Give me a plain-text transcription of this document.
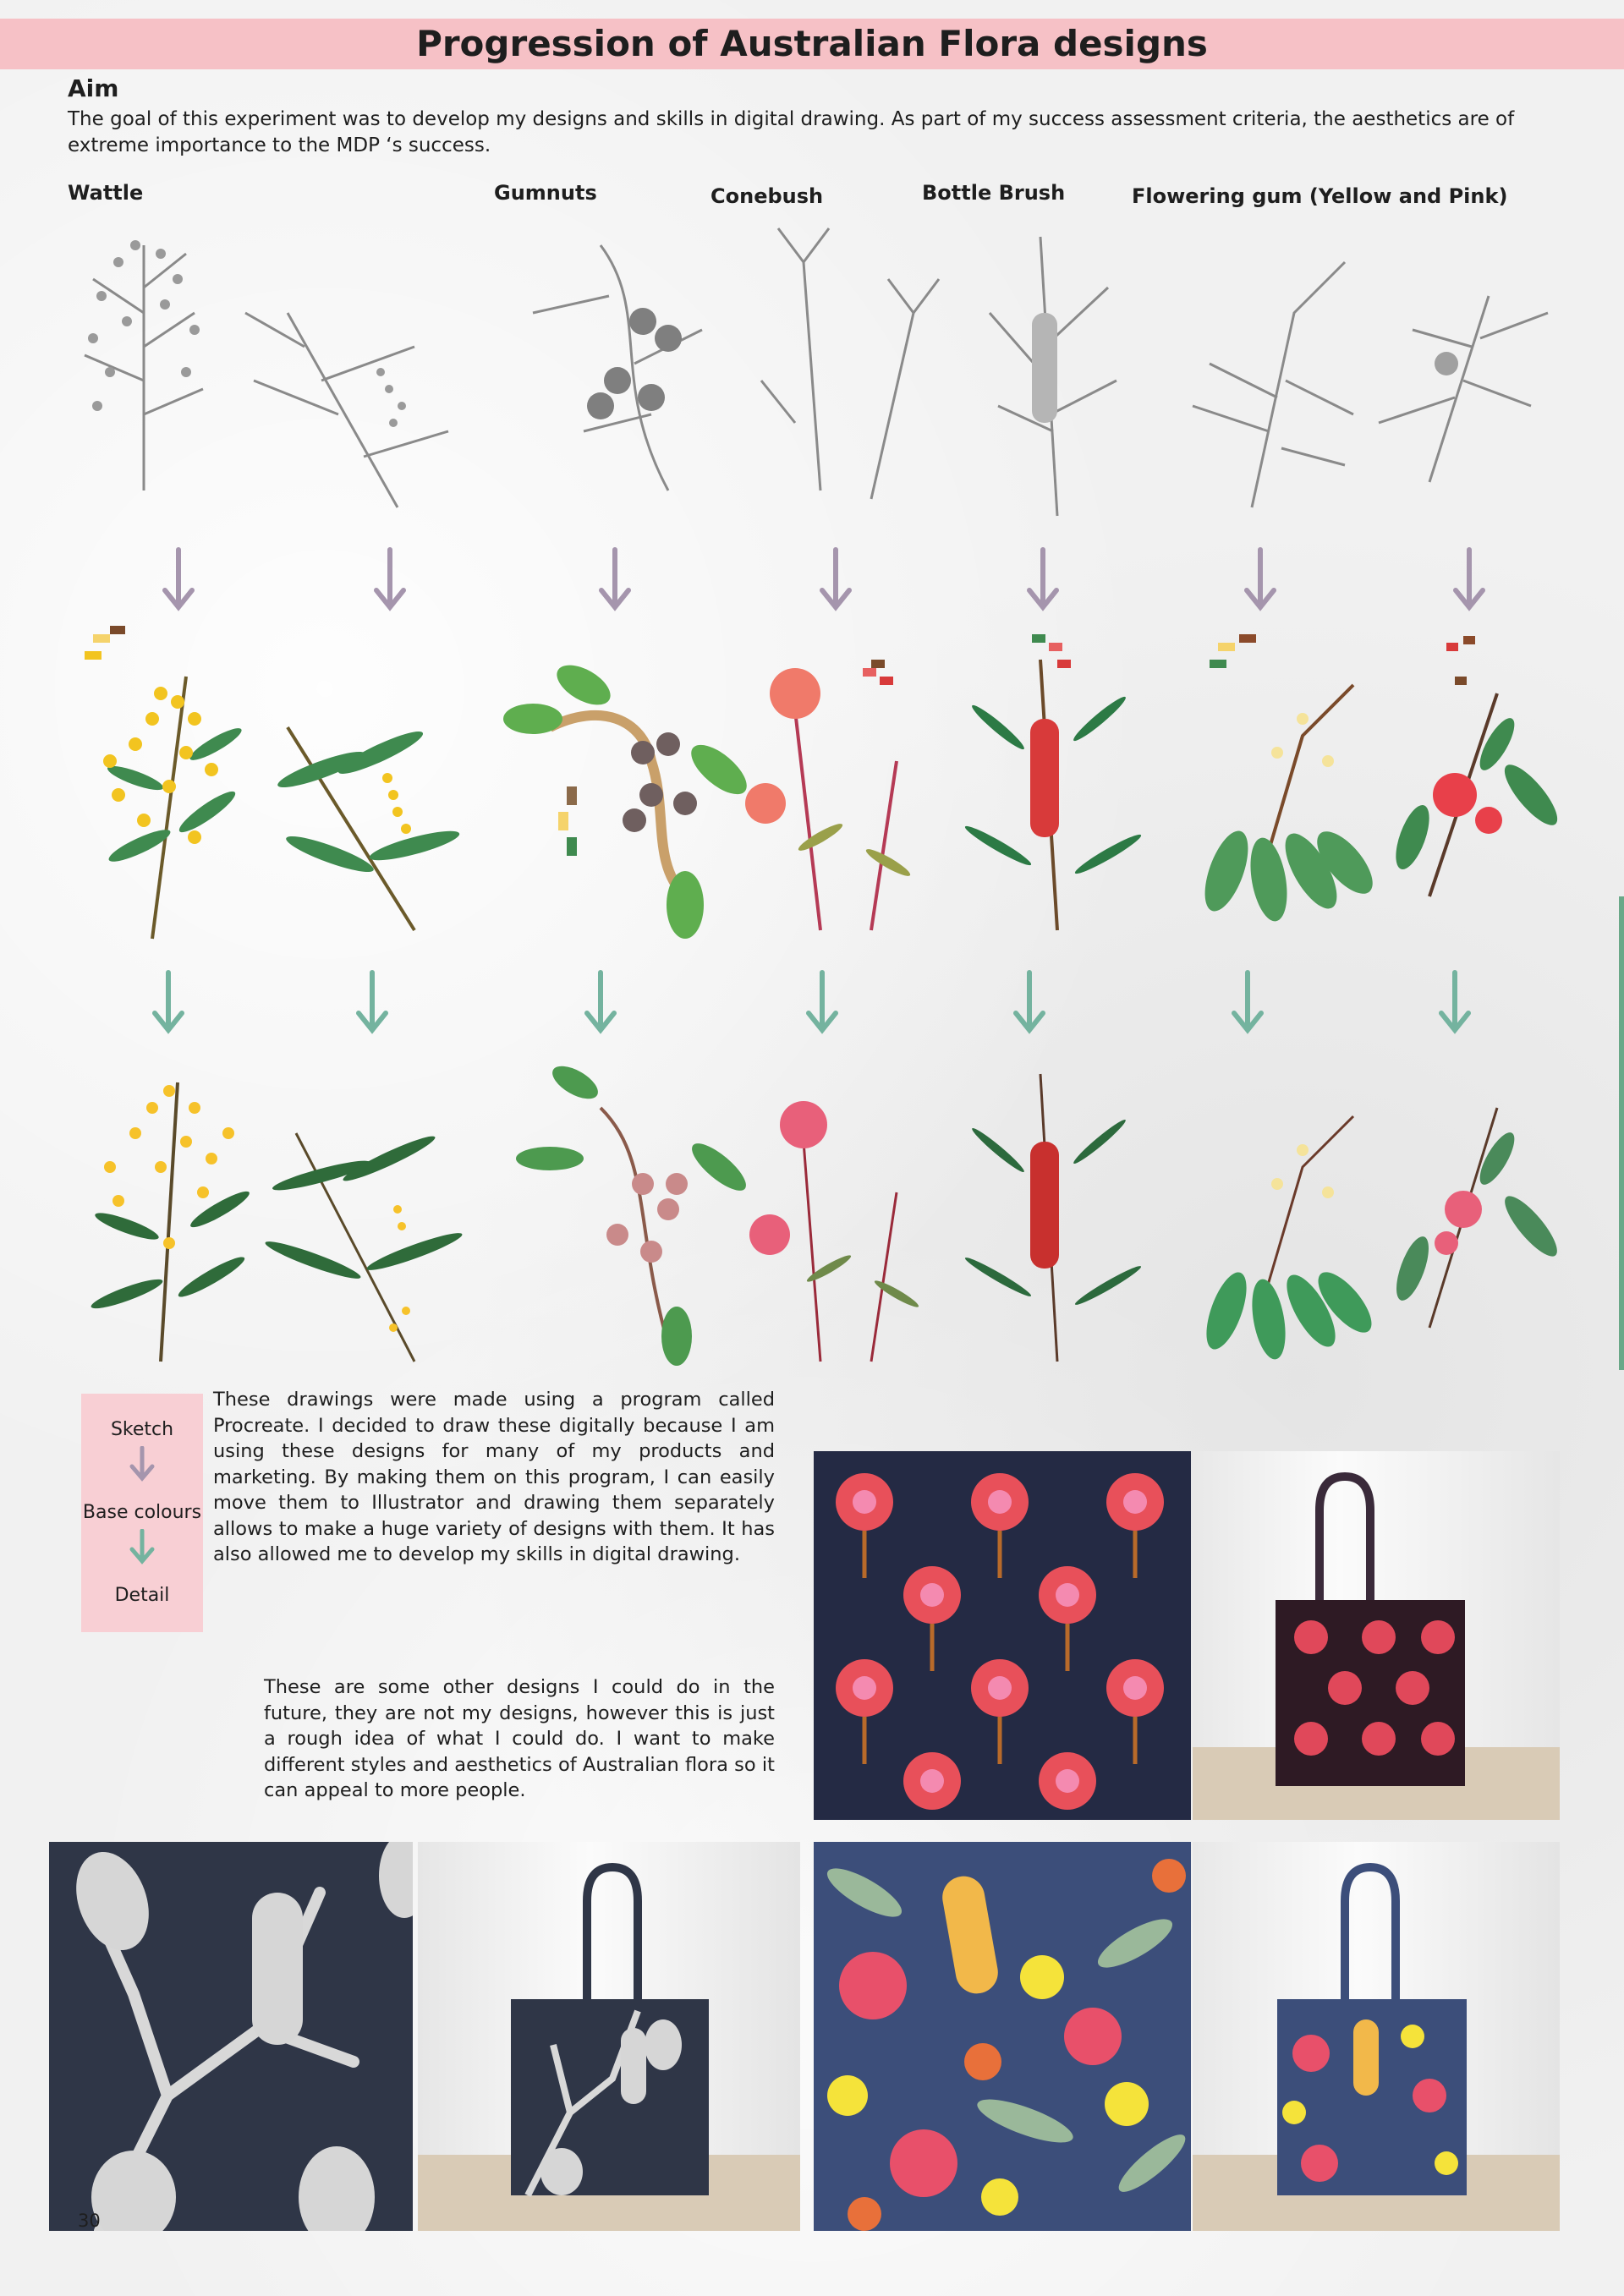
Progression of Australian Flora designs
Aim
The goal of this experiment was to develop my designs and skills in digital drawing. As part of my success assessment criteria, the aesthetics are of extreme importance to the MDP ‘s success.
Wattle	Gumnuts	Conebush	Bottle Brush	Flowering gum (Yellow and Pink)
Sketch
Base colours
Detail
These drawings were made using a program called Procreate. I decided to draw these digitally because I am using these designs for many of my products and marketing. By making them on this program, I can easily move them to Illustrator and drawing them separately allows to make a huge variety of designs with them. It has also allowed me to develop my skills in digital drawing.
These are some other designs I could do in the future, they are not my designs, however this is just a rough idea of what I could do. I want to make different styles and aesthetics of Australian flora so it can appeal to more people.
30
